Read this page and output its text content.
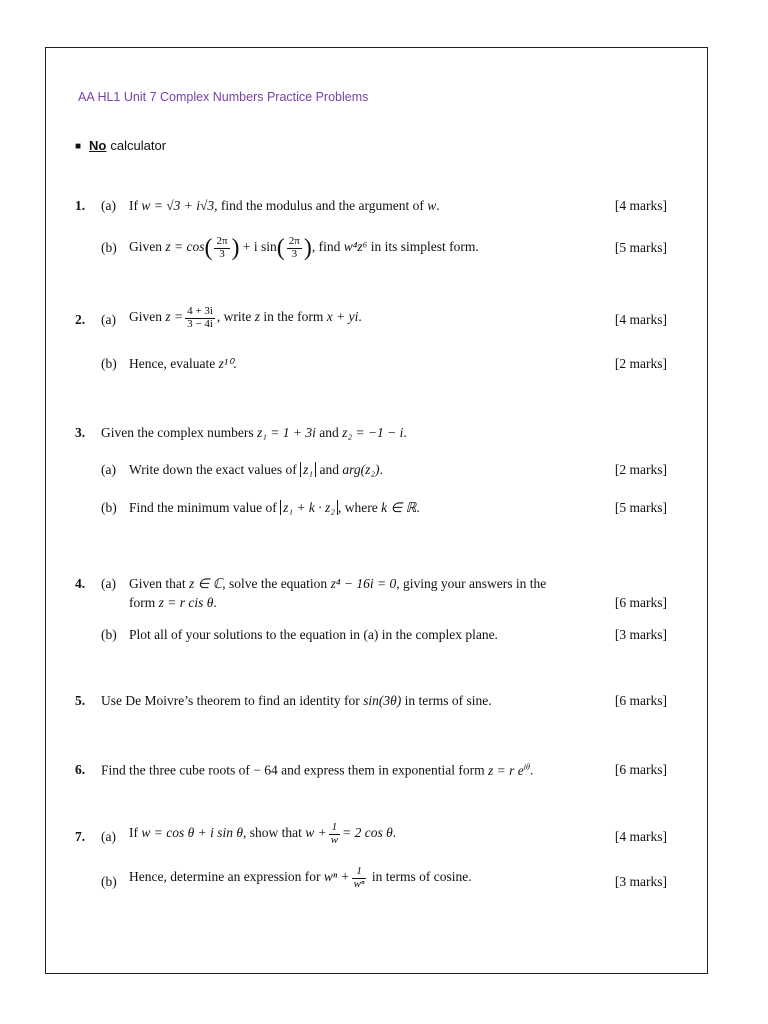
AA HL1 Unit 7 Complex Numbers Practice Problems
■ No calculator
1. (a) If w = √3 + i√3, find the modulus and the argument of w.	[4 marks]
(b) Given $z = \cos( \frac{2\pi}{3}$ ) + i $\sin( \frac{2\pi}{3}$ ), find w⁴z⁶ in its simplest form.	[5 marks]
2. (a) Given $z = \frac{4 + 3i}{3 - 4i}$ , write z in the form x + yi.	[4 marks]
(b) Hence, evaluate z¹⁰.	[2 marks]
3. Given the complex numbers z₁ = 1 + 3i and z₂ = −1 − i.
(a) Write down the exact values of z₁ and arg(z₂).	[2 marks]
(b) Find the minimum value of z₁ + k · z₂ , where k ∈ ℝ.	[5 marks]
4. (a) Given that z ∈ ℂ, solve the equation z⁴ − 16i = 0, giving your answers in the
form z = r cis θ.	[6 marks]
(b) Plot all of your solutions to the equation in (a) in the complex plane.	[3 marks]
5. Use De Moivre’s theorem to find an identity for sin(3θ) in terms of sine.	[6 marks]
6. Find the three cube roots of − 64 and express them in exponential form z = r $e^{i\theta}$.	[6 marks]
7. (a) If w = cos θ + i sin θ, show that $w + \frac{1}{w} = 2$ cos θ.	[4 marks]
(b) Hence, determine an expression for $w^n + \frac{1}{\text{wⁿ}}$ in terms of cosine.	[3 marks]
